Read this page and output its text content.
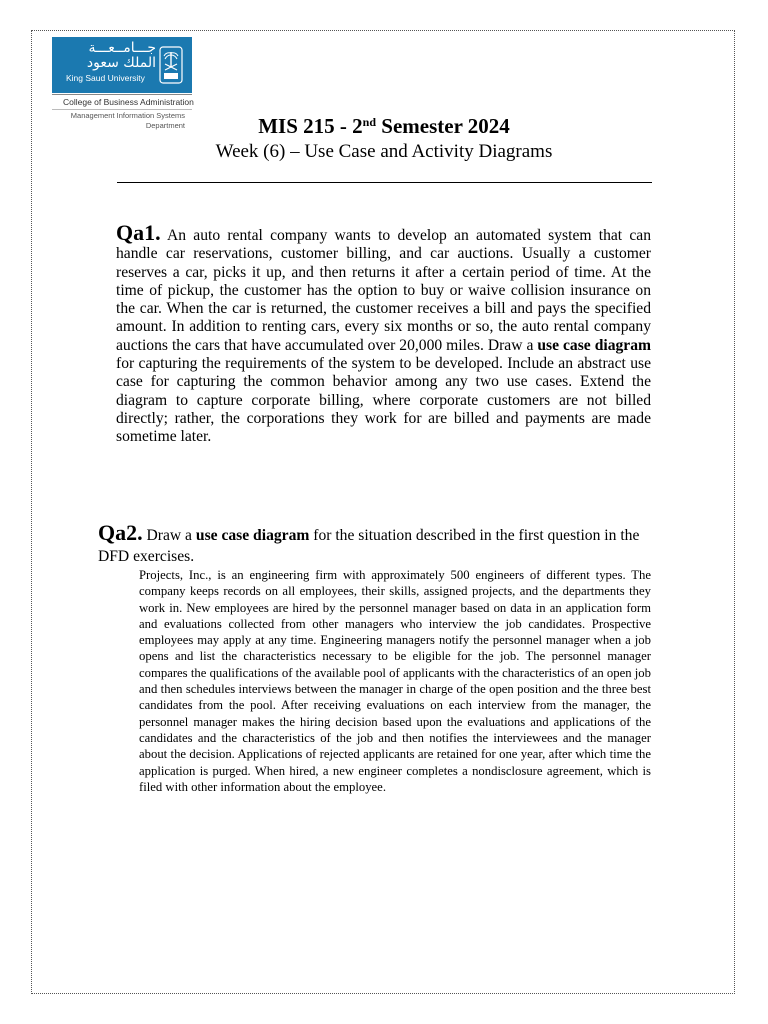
جـــامــعـــة
الملك سعود
King Saud University
College of Business Administration
Management Information Systems
Department	MIS 215 - 2nd Semester 2024
Week (6) – Use Case and Activity Diagrams

Qa1. An auto rental company wants to develop an automated system that can handle car reservations, customer billing, and car auctions. Usually a customer reserves a car, picks it up, and then returns it after a certain period of time. At the time of pickup, the customer has the option to buy or waive collision insurance on the car. When the car is returned, the customer receives a bill and pays the specified amount. In addition to renting cars, every six months or so, the auto rental company auctions the cars that have accumulated over 20,000 miles. Draw a use case diagram for capturing the requirements of the system to be developed. Include an abstract use case for capturing the common behavior among any two use cases. Extend the diagram to capture corporate billing, where corporate customers are not billed directly; rather, the corporations they work for are billed and payments are made sometime later.

Qa2. Draw a use case diagram for the situation described in the first question in the DFD exercises.

Projects, Inc., is an engineering firm with approximately 500 engineers of different types. The company keeps records on all employees, their skills, assigned projects, and the departments they work in. New employees are hired by the personnel manager based on data in an application form and evaluations collected from other managers who interview the job candidates. Prospective employees may apply at any time. Engineering managers notify the personnel manager when a job opens and list the characteristics necessary to be eligible for the job. The personnel manager compares the qualifications of the available pool of applicants with the characteristics of an open job and then schedules interviews between the manager in charge of the open position and the three best candidates from the pool. After receiving evaluations on each interview from the manager, the personnel manager makes the hiring decision based upon the evaluations and applications of the candidates and the characteristics of the job and then notifies the interviewees and the manager about the decision. Applications of rejected applicants are retained for one year, after which time the application is purged. When hired, a new engineer completes a nondisclosure agreement, which is filed with other information about the employee.
